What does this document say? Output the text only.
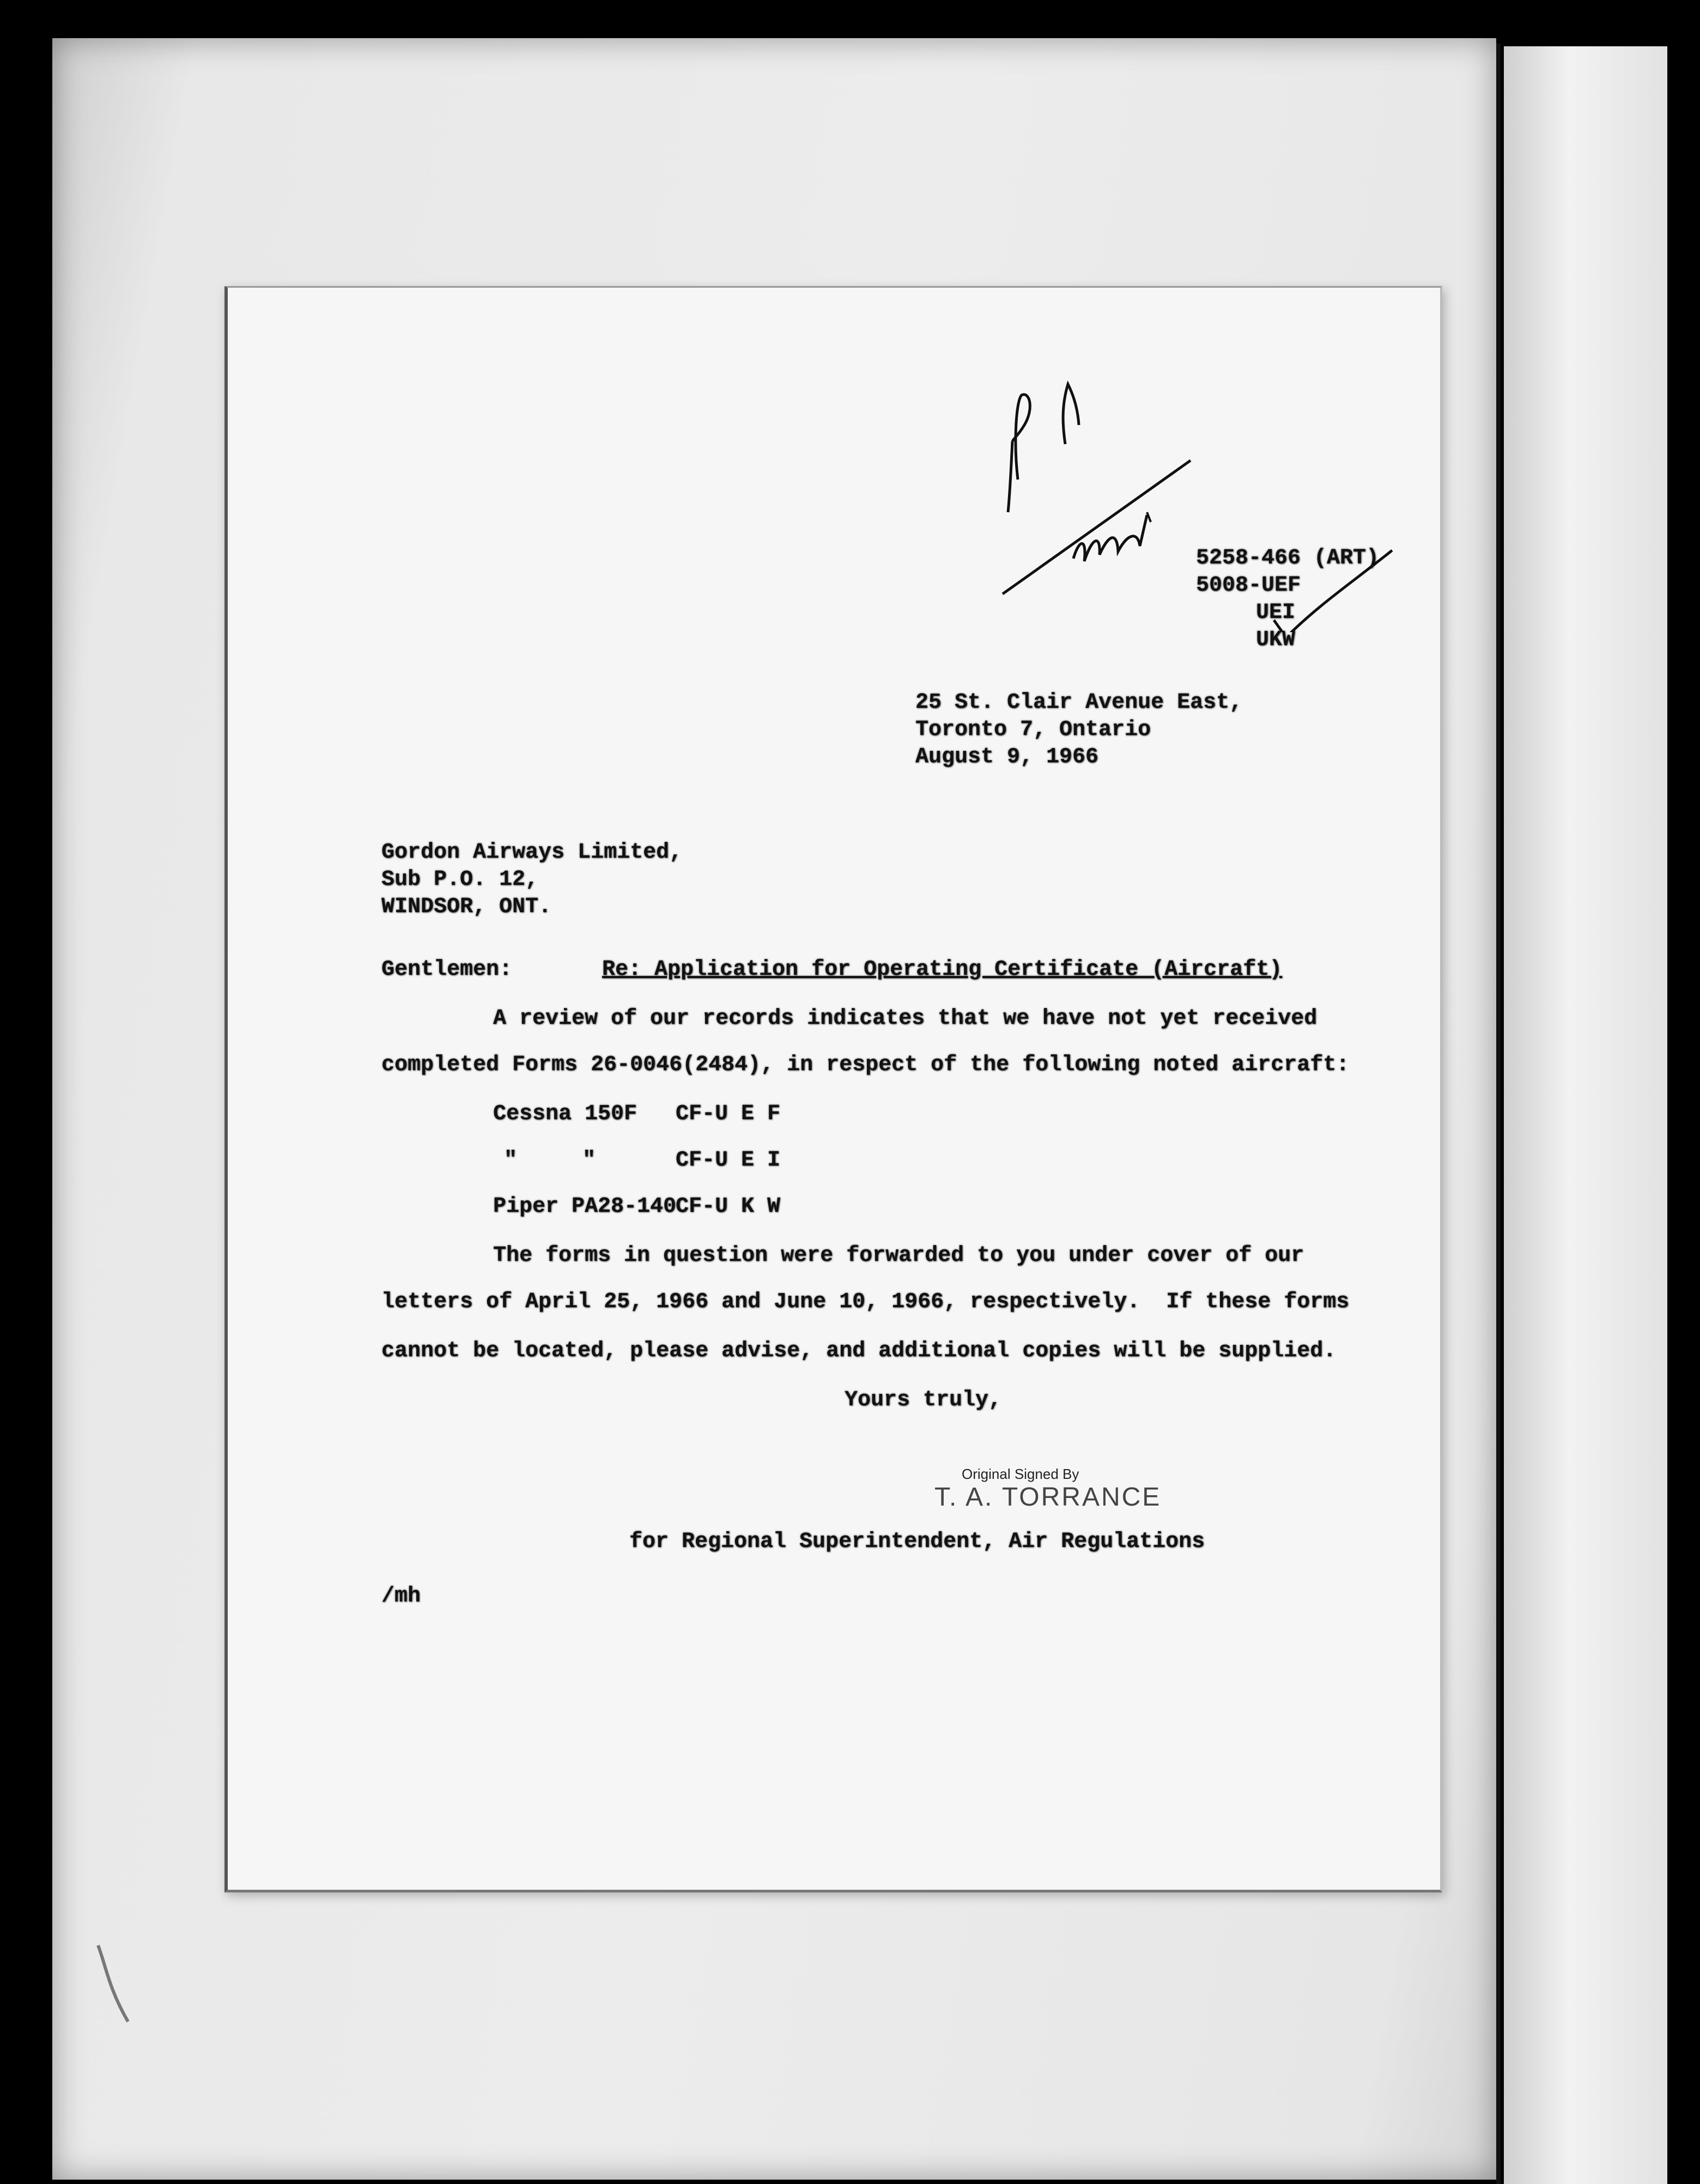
5258-466 (ART)
5008-UEF
UEI
UKW
25 St. Clair Avenue East,
Toronto 7, Ontario
August 9, 1966
Gordon Airways Limited,
Sub P.O. 12,
WINDSOR, ONT.
Gentlemen:	Re: Application for Operating Certificate (Aircraft)
A review of our records indicates that we have not yet received
completed Forms 26-0046(2484), in respect of the following noted aircraft:
Cessna 150F CF-U E F
"     "	CF-U E I
Piper PA28-140
CF-U K W
The forms in question were forwarded to you under cover of our
letters of April 25, 1966 and June 10, 1966, respectively.  If these forms
cannot be located, please advise, and additional copies will be supplied.
Yours truly,
Original Signed By
T. A. TORRANCE
for Regional Superintendent, Air Regulations
/mh
